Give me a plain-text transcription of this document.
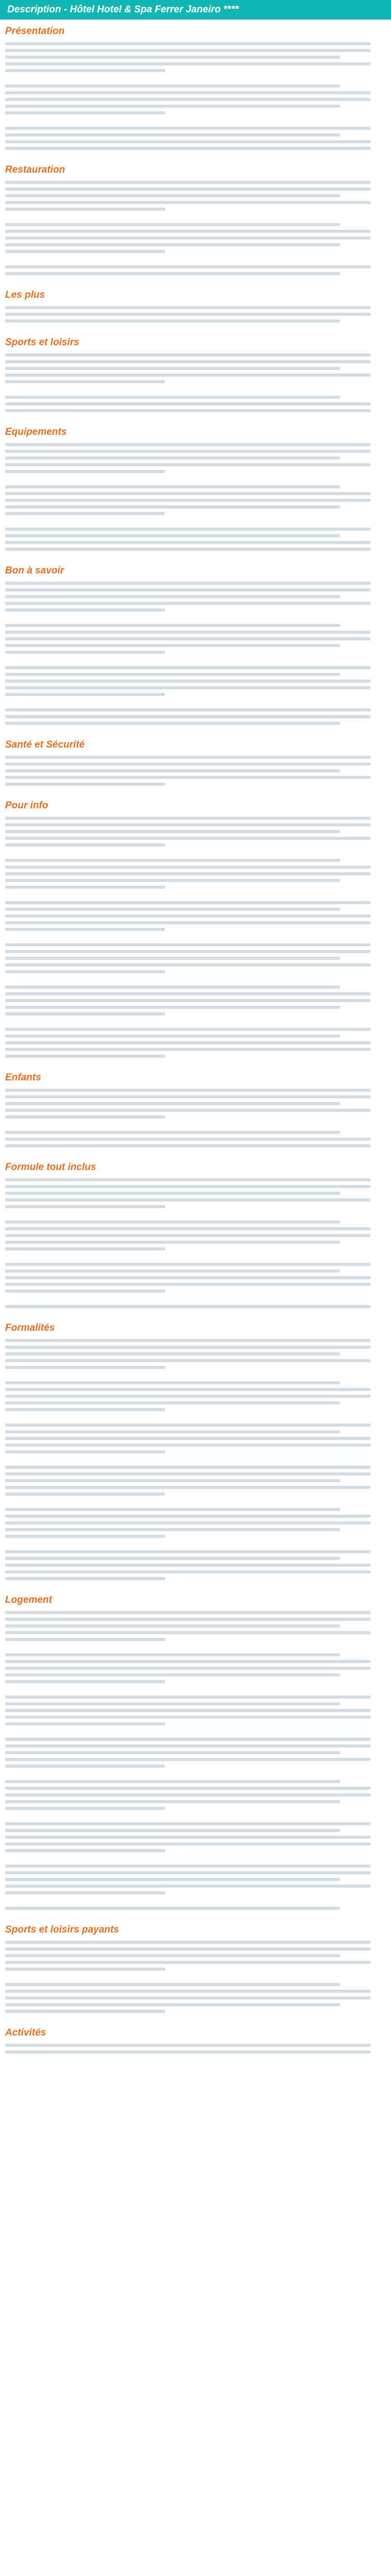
Description - Hôtel Hotel & Spa Ferrer Janeiro ****
Présentation
Restauration
Les plus
Sports et loisirs
Equipements
Bon à savoir
Santé et Sécurité
Pour info
Enfants
Formule tout inclus
Formalités
Logement
Sports et loisirs payants
Activités
